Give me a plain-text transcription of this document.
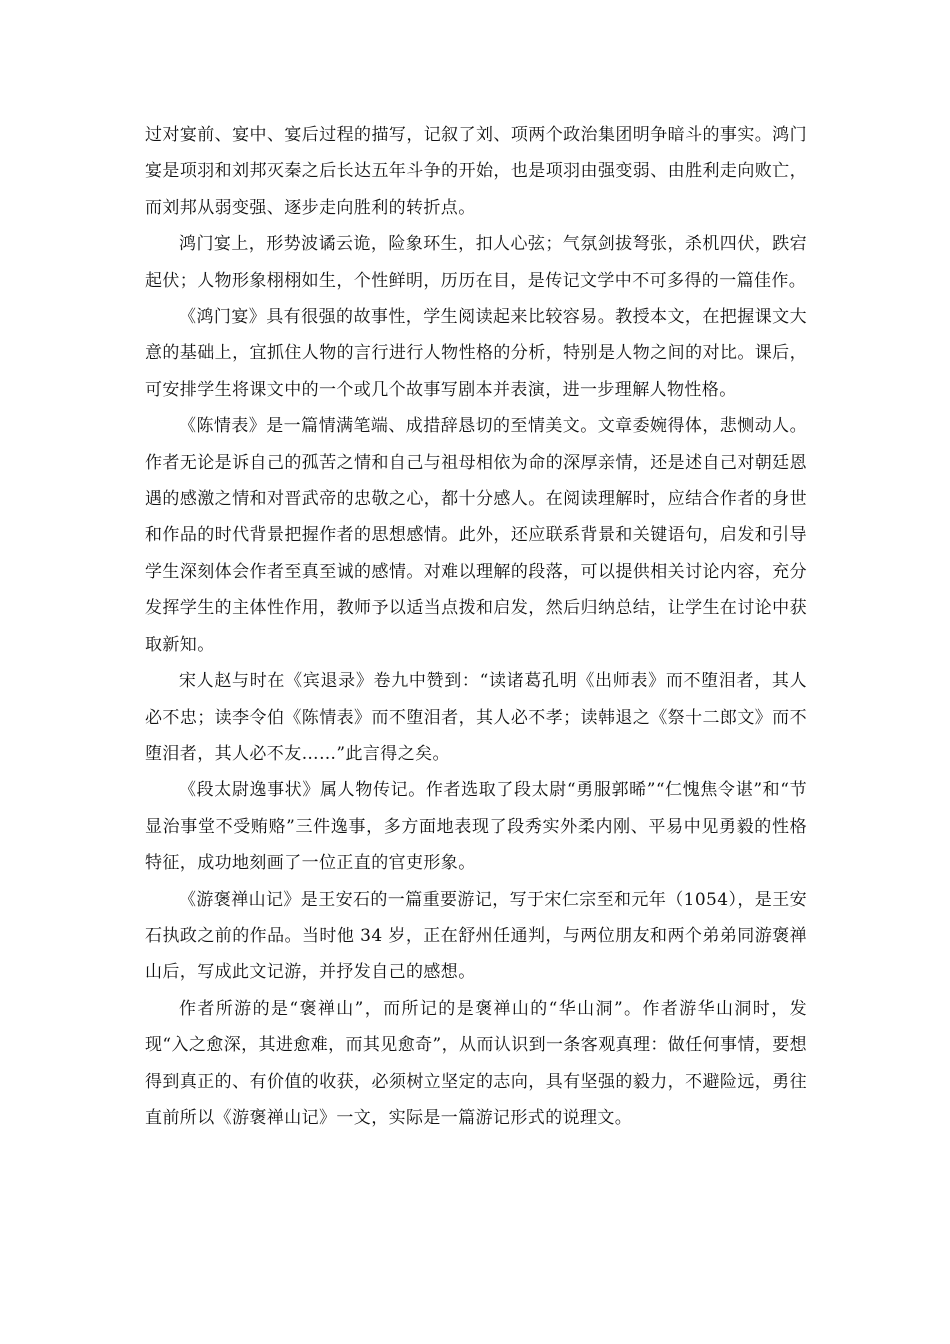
过对宴前、宴中、宴后过程的描写，记叙了刘、项两个政治集团明争暗斗的事实。鸿门宴是项羽和刘邦灭秦之后长达五年斗争的开始，也是项羽由强变弱、由胜利走向败亡，而刘邦从弱变强、逐步走向胜利的转折点。

鸿门宴上，形势波谲云诡，险象环生，扣人心弦；气氛剑拔弩张，杀机四伏，跌宕起伏；人物形象栩栩如生，个性鲜明，历历在目，是传记文学中不可多得的一篇佳作。

《鸿门宴》具有很强的故事性，学生阅读起来比较容易。教授本文，在把握课文大意的基础上，宜抓住人物的言行进行人物性格的分析，特别是人物之间的对比。课后，可安排学生将课文中的一个或几个故事写剧本并表演，进一步理解人物性格。

《陈情表》是一篇情满笔端、成措辞恳切的至情美文。文章委婉得体，悲恻动人。作者无论是诉自己的孤苦之情和自己与祖母相依为命的深厚亲情，还是述自己对朝廷恩遇的感激之情和对晋武帝的忠敬之心，都十分感人。在阅读理解时，应结合作者的身世和作品的时代背景把握作者的思想感情。此外，还应联系背景和关键语句，启发和引导学生深刻体会作者至真至诚的感情。对难以理解的段落，可以提供相关讨论内容，充分发挥学生的主体性作用，教师予以适当点拨和启发，然后归纳总结，让学生在讨论中获取新知。

宋人赵与时在《宾退录》卷九中赞到：“读诸葛孔明《出师表》而不堕泪者，其人必不忠；读李令伯《陈情表》而不堕泪者，其人必不孝；读韩退之《祭十二郎文》而不堕泪者，其人必不友……”此言得之矣。

《段太尉逸事状》属人物传记。作者选取了段太尉“勇服郭晞”“仁愧焦令谌”和“节显治事堂不受贿赂”三件逸事，多方面地表现了段秀实外柔内刚、平易中见勇毅的性格特征，成功地刻画了一位正直的官吏形象。

《游褒禅山记》是王安石的一篇重要游记，写于宋仁宗至和元年（1054），是王安石执政之前的作品。当时他 34 岁，正在舒州任通判，与两位朋友和两个弟弟同游褒禅山后，写成此文记游，并抒发自己的感想。

作者所游的是“褒禅山”，而所记的是褒禅山的“华山洞”。作者游华山洞时，发现“入之愈深，其进愈难，而其见愈奇”，从而认识到一条客观真理：做任何事情，要想得到真正的、有价值的收获，必须树立坚定的志向，具有坚强的毅力，不避险远，勇往直前所以《游褒禅山记》一文，实际是一篇游记形式的说理文。
